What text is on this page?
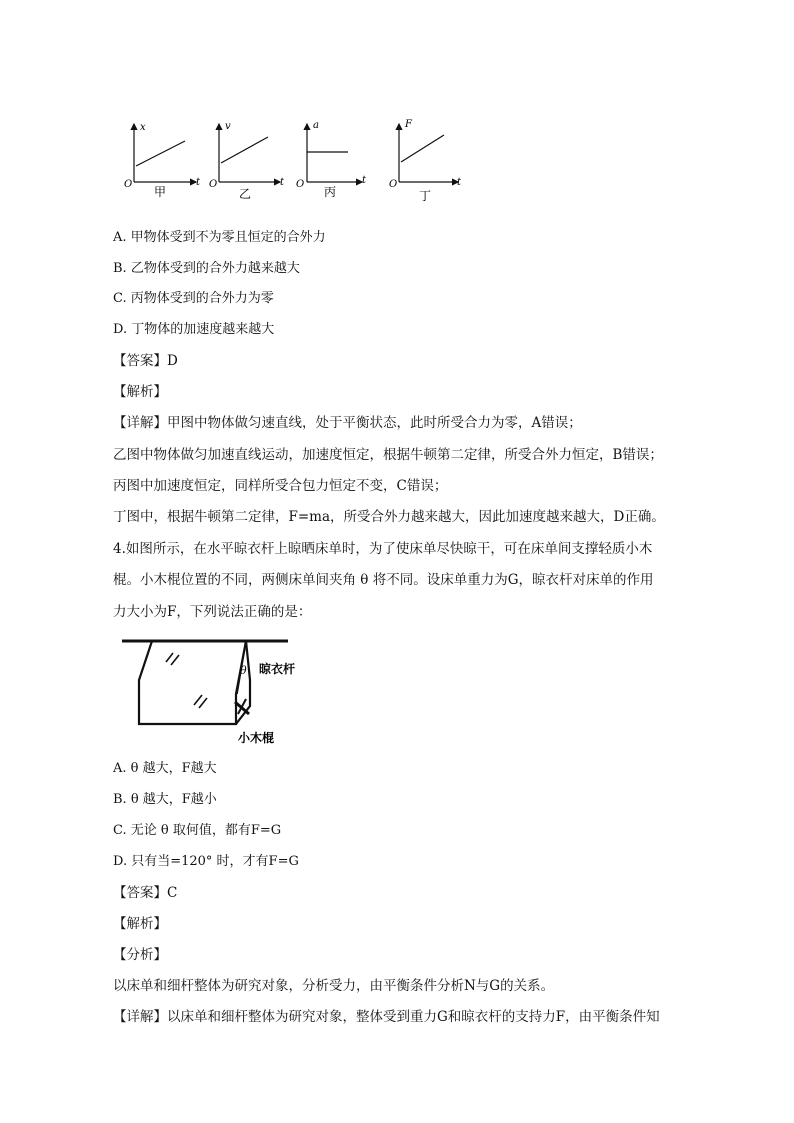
x
t
O
甲
v
t
O
乙
a
t
O
丙
F
t
O
丁
A. 甲物体受到不为零且恒定的合外力
B. 乙物体受到的合外力越来越大
C. 丙物体受到的合外力为零
D. 丁物体的加速度越来越大
【答案】D
【解析】
【详解】甲图中物体做匀速直线，处于平衡状态，此时所受合力为零，A错误；
乙图中物体做匀加速直线运动，加速度恒定，根据牛顿第二定律，所受合外力恒定，B错误；
丙图中加速度恒定，同样所受合包力恒定不变，C错误；
丁图中，根据牛顿第二定律，F=ma，所受合外力越来越大，因此加速度越来越大，D正确。
4.如图所示，在水平晾衣杆上晾晒床单时，为了使床单尽快晾干，可在床单间支撑轻质小木
棍。小木棍位置的不同，两侧床单间夹角 θ 将不同。设床单重力为G，晾衣杆对床单的作用
力大小为F，下列说法正确的是：
θ 晾衣杆
小木棍
A. θ 越大，F越大
B. θ 越大，F越小
C. 无论 θ 取何值，都有F=G
D. 只有当=120° 时，才有F=G
【答案】C
【解析】
【分析】
以床单和细杆整体为研究对象，分析受力，由平衡条件分析N与G的关系。
【详解】以床单和细杆整体为研究对象，整体受到重力G和晾衣杆的支持力F，由平衡条件知
